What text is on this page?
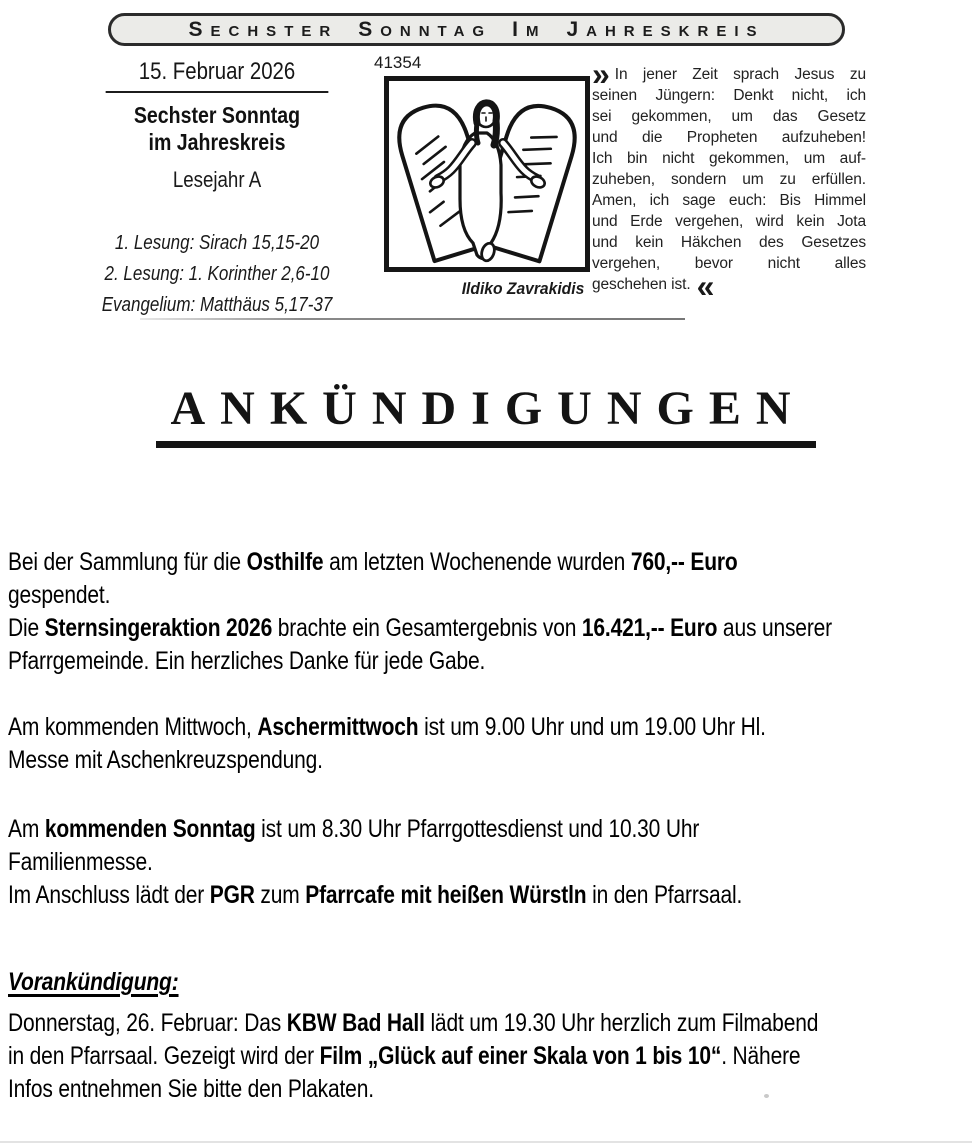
SECHSTER SONNTAG IM JAHRESKREIS
15. Februar 2026
Sechster Sonntag
im Jahreskreis
Lesejahr A
1. Lesung: Sirach 15,15-20
2. Lesung: 1. Korinther 2,6-10
Evangelium: Matthäus 5,17-37
41354
Ildiko Zavrakidis
» In jener Zeit sprach Jesus zu
seinen Jüngern: Denkt nicht, ich
sei gekommen, um das Gesetz
und die Propheten aufzuheben!
Ich bin nicht gekommen, um auf-
zuheben, sondern um zu erfüllen.
Amen, ich sage euch: Bis Himmel
und Erde vergehen, wird kein Jota
und kein Häkchen des Gesetzes
vergehen, bevor nicht alles
geschehen ist. «
ANKÜNDIGUNGEN

Bei der Sammlung für die Osthilfe am letzten Wochenende wurden 760,-- Euro
gespendet.
Die Sternsingeraktion 2026 brachte ein Gesamtergebnis von 16.421,-- Euro aus unserer
Pfarrgemeinde. Ein herzliches Danke für jede Gabe.

Am kommenden Mittwoch, Aschermittwoch ist um 9.00 Uhr und um 19.00 Uhr Hl.
Messe mit Aschenkreuzspendung.

Am kommenden Sonntag ist um 8.30 Uhr Pfarrgottesdienst und 10.30 Uhr
Familienmesse.
Im Anschluss lädt der PGR zum Pfarrcafe mit heißen Würstln in den Pfarrsaal.

Vorankündigung:

Donnerstag, 26. Februar: Das KBW Bad Hall lädt um 19.30 Uhr herzlich zum Filmabend
in den Pfarrsaal. Gezeigt wird der Film „Glück auf einer Skala von 1 bis 10“. Nähere
Infos entnehmen Sie bitte den Plakaten.
